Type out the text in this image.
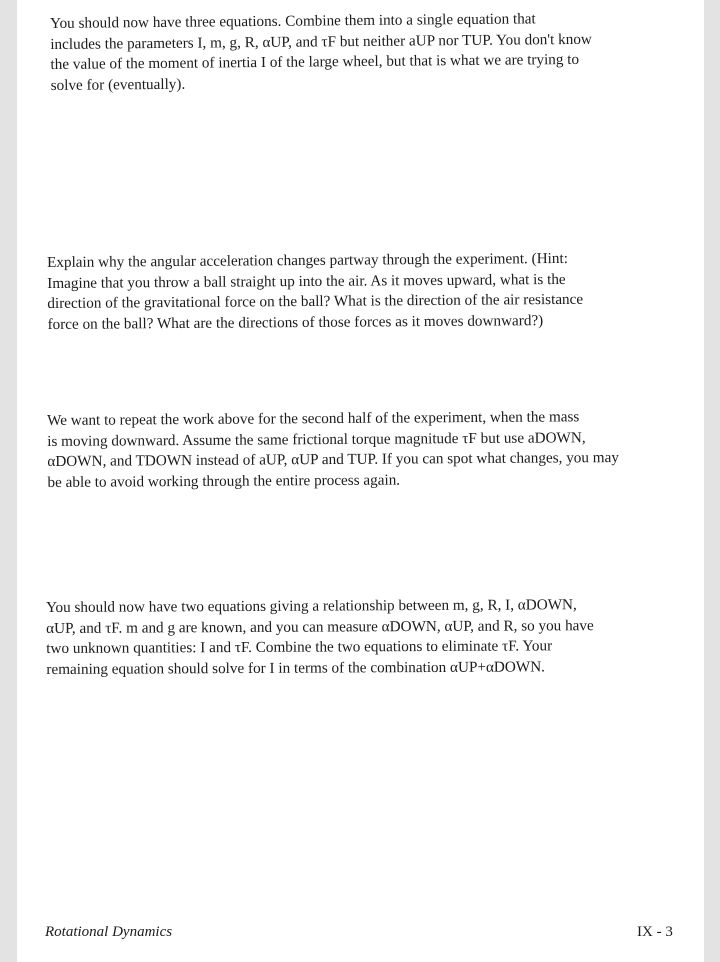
You should now have three equations. Combine them into a single equation that
includes the parameters I, m, g, R, αUP, and τF but neither aUP nor TUP. You don't know
the value of the moment of inertia I of the large wheel, but that is what we are trying to
solve for (eventually).
Explain why the angular acceleration changes partway through the experiment. (Hint:
Imagine that you throw a ball straight up into the air. As it moves upward, what is the
direction of the gravitational force on the ball? What is the direction of the air resistance
force on the ball? What are the directions of those forces as it moves downward?)
We want to repeat the work above for the second half of the experiment, when the mass
is moving downward. Assume the same frictional torque magnitude τF but use aDOWN,
αDOWN, and TDOWN instead of aUP, αUP and TUP. If you can spot what changes, you may
be able to avoid working through the entire process again.
You should now have two equations giving a relationship between m, g, R, I, αDOWN,
αUP, and τF. m and g are known, and you can measure αDOWN, αUP, and R, so you have
two unknown quantities: I and τF. Combine the two equations to eliminate τF. Your
remaining equation should solve for I in terms of the combination αUP+αDOWN.
Rotational Dynamics	IX - 3
